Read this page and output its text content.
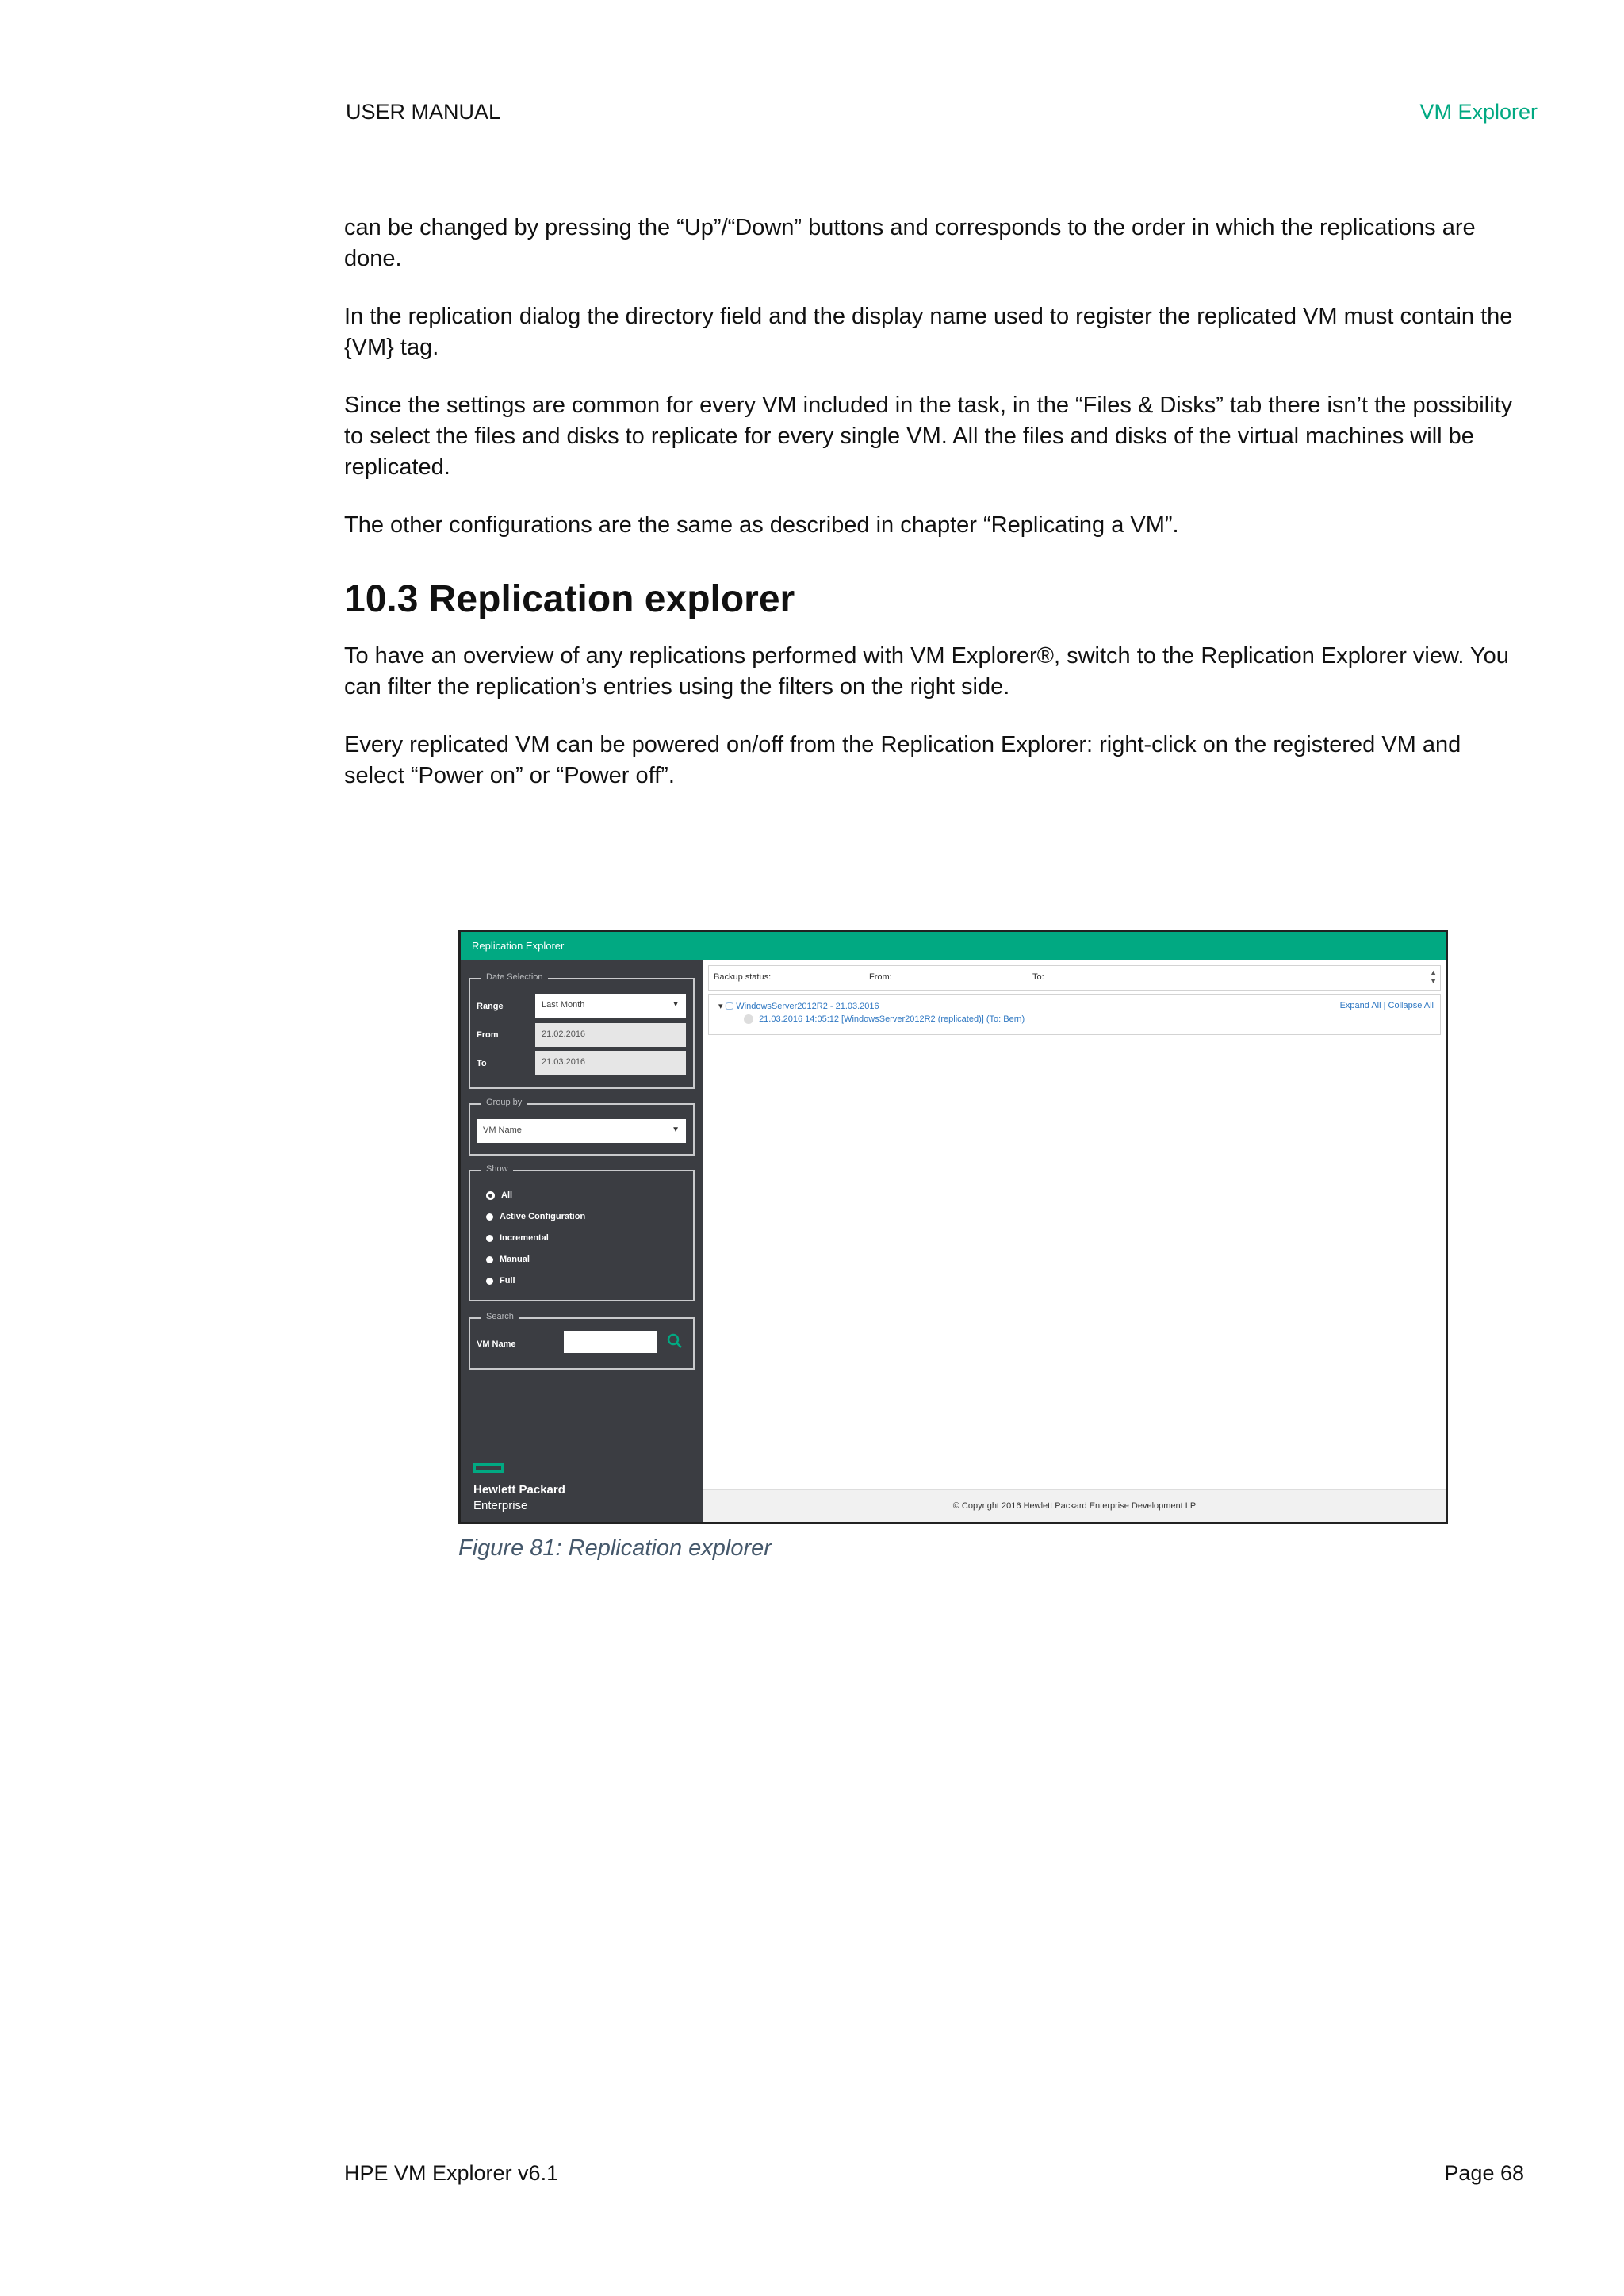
USER MANUAL	VM Explorer

can be changed by pressing the “Up”/“Down” buttons and corresponds to the order in which the replications are done.

In the replication dialog the directory field and the display name used to register the replicated VM must contain the {VM} tag.

Since the settings are common for every VM included in the task, in the “Files & Disks” tab there isn’t the possibility to select the files and disks to replicate for every single VM. All the files and disks of the virtual machines will be replicated.

The other configurations are the same as described in chapter “Replicating a VM”.

10.3 Replication explorer

To have an overview of any replications performed with VM Explorer®, switch to the Replication Explorer view. You can filter the replication’s entries using the filters on the right side.

Every replicated VM can be powered on/off from the Replication Explorer: right-click on the registered VM and select “Power on” or “Power off”.

Replication Explorer
Date Selection
Range	Last Month	▼
From	21.02.2016
To	21.03.2016
Group by
VM Name	▼
Show
All
Active Configuration
Incremental
Manual
Full
Search
VM Name
Hewlett Packard
Enterprise
Backup status:	From:	To:	▲
▼
▾ 🖵 WindowsServer2012R2 - 21.03.2016
21.03.2016 14:05:12 [WindowsServer2012R2 (replicated)] (To: Bern)
Expand All | Collapse All
© Copyright 2016 Hewlett Packard Enterprise Development LP
Figure 81: Replication explorer
HPE VM Explorer v6.1	Page 68
